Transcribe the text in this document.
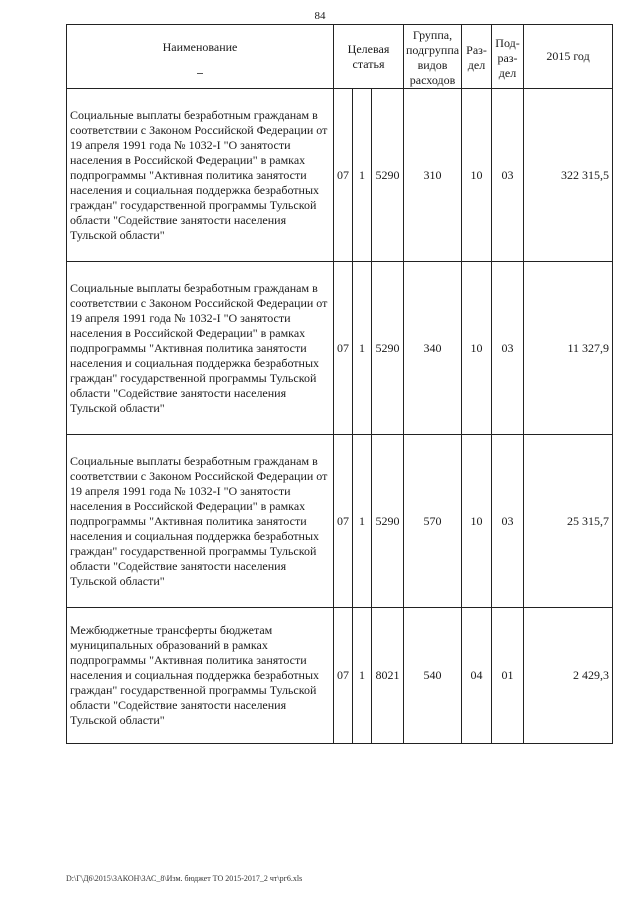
84
Наименование	Целевая статья			Группа, подгруппа видов расходов	Раз-дел	Под-раз-дел	2015 год
Социальные выплаты безработным гражданам в соответствии с Законом Российской Федерации от 19 апреля 1991 года № 1032-I "О занятости населения в Российской Федерации" в рамках подпрограммы "Активная политика занятости населения и социальная поддержка безработных граждан" государственной программы Тульской области "Содействие занятости населения Тульской области"	07	1	5290	310	10	03	322 315,5
Социальные выплаты безработным гражданам в соответствии с Законом Российской Федерации от 19 апреля 1991 года № 1032-I "О занятости населения в Российской Федерации" в рамках подпрограммы "Активная политика занятости населения и социальная поддержка безработных граждан" государственной программы Тульской области "Содействие занятости населения Тульской области"	07	1	5290	340	10	03	11 327,9
Социальные выплаты безработным гражданам в соответствии с Законом Российской Федерации от 19 апреля 1991 года № 1032-I "О занятости населения в Российской Федерации" в рамках подпрограммы "Активная политика занятости населения и социальная поддержка безработных граждан" государственной программы Тульской области "Содействие занятости населения Тульской области"	07	1	5290	570	10	03	25 315,7
Межбюджетные трансферты бюджетам муниципальных образований в рамках подпрограммы "Активная политика занятости населения и социальная поддержка безработных граждан" государственной программы Тульской области "Содействие занятости населения Тульской области"	07	1	8021	540	04	01	2 429,3
D:\Г\Д6\2015\ЗАКОН\ЗАС_8\Изм. бюджет ТО 2015-2017_2 чт\рг6.xls
